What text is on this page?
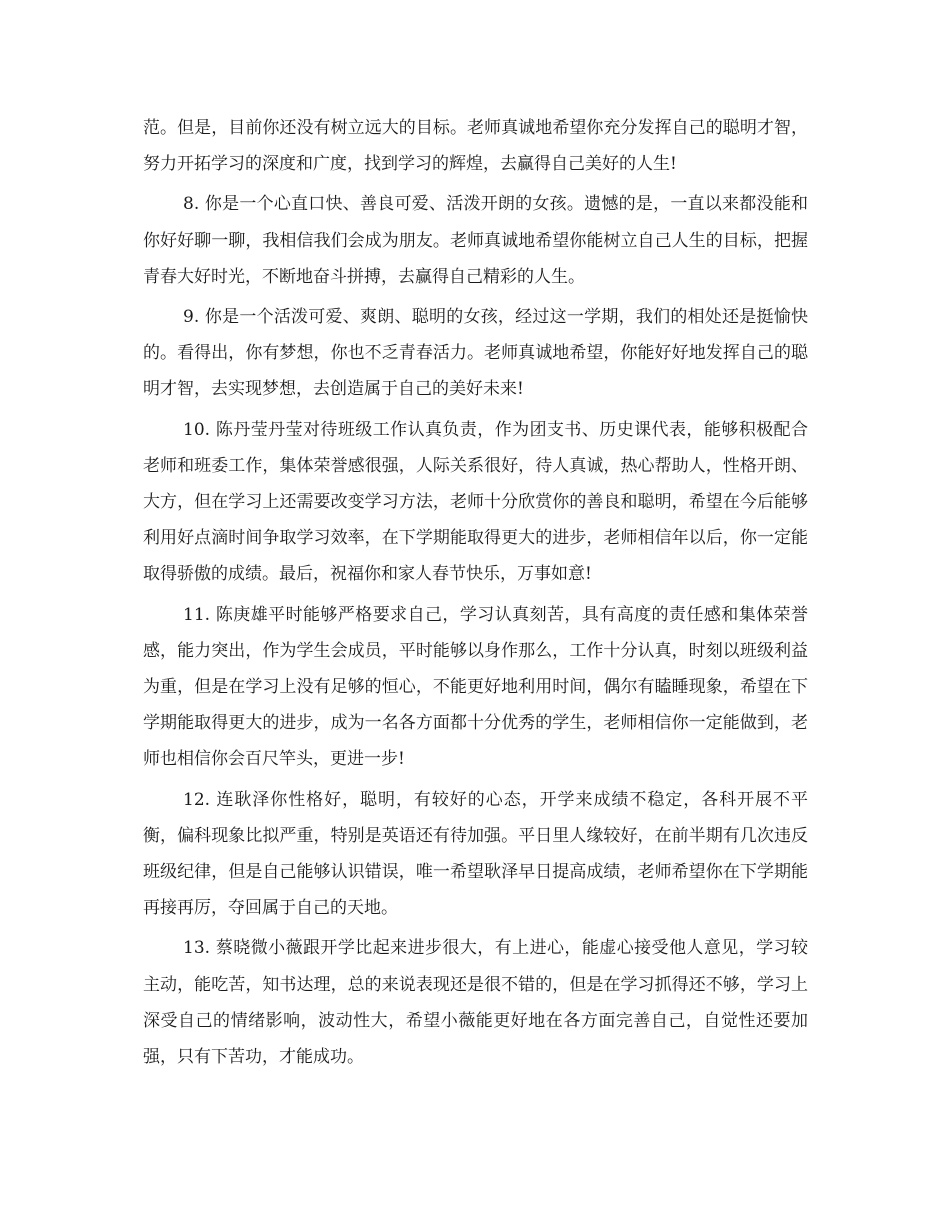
范。但是，目前你还没有树立远大的目标。老师真诚地希望你充分发挥自己的聪明才智，努力开拓学习的深度和广度，找到学习的辉煌，去赢得自己美好的人生!

8. 你是一个心直口快、善良可爱、活泼开朗的女孩。遗憾的是，一直以来都没能和你好好聊一聊，我相信我们会成为朋友。老师真诚地希望你能树立自己人生的目标，把握青春大好时光，不断地奋斗拼搏，去赢得自己精彩的人生。

9. 你是一个活泼可爱、爽朗、聪明的女孩，经过这一学期，我们的相处还是挺愉快的。看得出，你有梦想，你也不乏青春活力。老师真诚地希望，你能好好地发挥自己的聪明才智，去实现梦想，去创造属于自己的美好未来!

10. 陈丹莹丹莹对待班级工作认真负责，作为团支书、历史课代表，能够积极配合老师和班委工作，集体荣誉感很强，人际关系很好，待人真诚，热心帮助人，性格开朗、大方，但在学习上还需要改变学习方法，老师十分欣赏你的善良和聪明，希望在今后能够利用好点滴时间争取学习效率，在下学期能取得更大的进步，老师相信年以后，你一定能取得骄傲的成绩。最后，祝福你和家人春节快乐，万事如意!

11. 陈庚雄平时能够严格要求自己，学习认真刻苦，具有高度的责任感和集体荣誉感，能力突出，作为学生会成员，平时能够以身作那么，工作十分认真，时刻以班级利益为重，但是在学习上没有足够的恒心，不能更好地利用时间，偶尔有瞌睡现象，希望在下学期能取得更大的进步，成为一名各方面都十分优秀的学生，老师相信你一定能做到，老师也相信你会百尺竿头，更进一步!

12. 连耿泽你性格好，聪明，有较好的心态，开学来成绩不稳定，各科开展不平衡，偏科现象比拟严重，特别是英语还有待加强。平日里人缘较好，在前半期有几次违反班级纪律，但是自己能够认识错误，唯一希望耿泽早日提高成绩，老师希望你在下学期能再接再厉，夺回属于自己的天地。

13. 蔡晓微小薇跟开学比起来进步很大，有上进心，能虚心接受他人意见，学习较主动，能吃苦，知书达理，总的来说表现还是很不错的，但是在学习抓得还不够，学习上深受自己的情绪影响，波动性大，希望小薇能更好地在各方面完善自己，自觉性还要加强，只有下苦功，才能成功。
